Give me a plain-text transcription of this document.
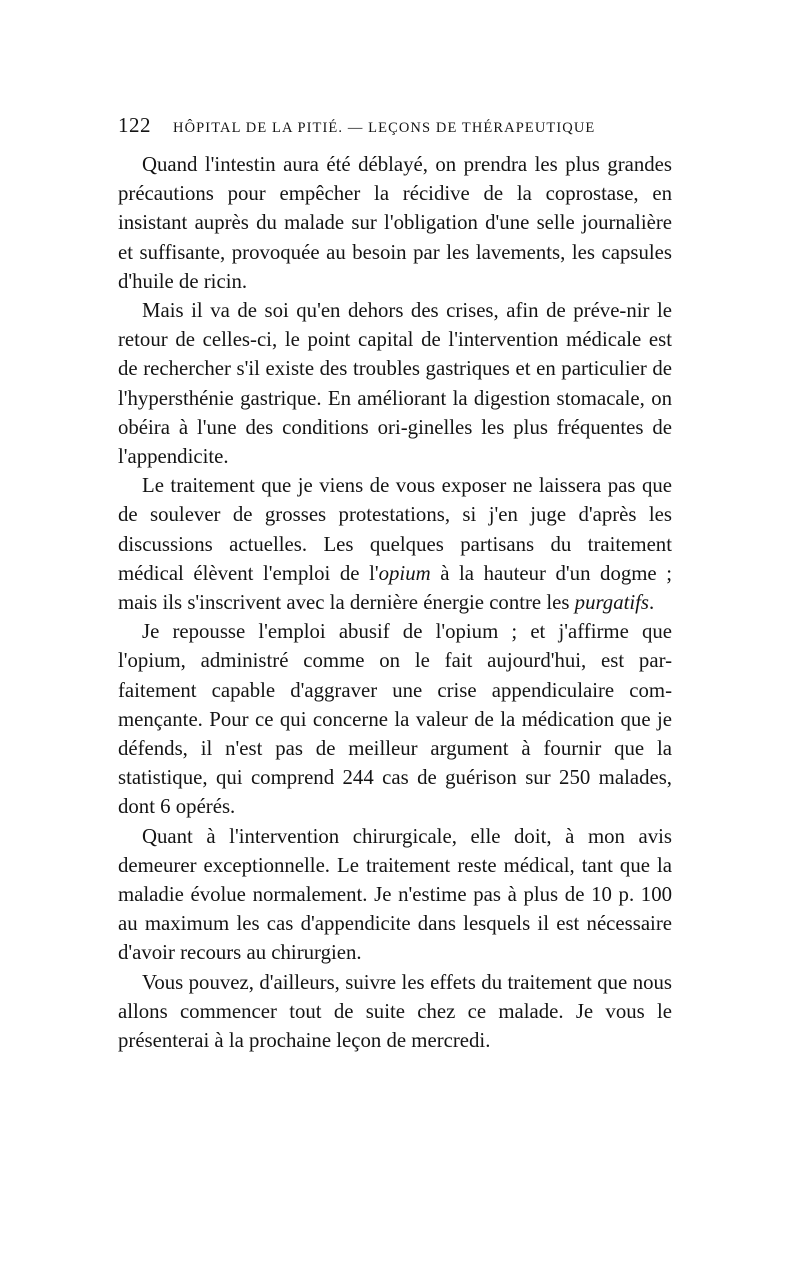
122 HÔPITAL DE LA PITIÉ. — LEÇONS DE THÉRAPEUTIQUE

Quand l'intestin aura été déblayé, on prendra les plus grandes précautions pour empêcher la récidive de la coprostase, en insistant auprès du malade sur l'obligation d'une selle journalière et suffisante, provoquée au besoin par les lavements, les capsules d'huile de ricin.

Mais il va de soi qu'en dehors des crises, afin de préve-nir le retour de celles-ci, le point capital de l'intervention médicale est de rechercher s'il existe des troubles gastriques et en particulier de l'hypersthénie gastrique. En améliorant la digestion stomacale, on obéira à l'une des conditions ori-ginelles les plus fréquentes de l'appendicite.

Le traitement que je viens de vous exposer ne laissera pas que de soulever de grosses protestations, si j'en juge d'après les discussions actuelles. Les quelques partisans du traitement médical élèvent l'emploi de l'opium à la hauteur d'un dogme ; mais ils s'inscrivent avec la dernière énergie contre les purgatifs.

Je repousse l'emploi abusif de l'opium ; et j'affirme que l'opium, administré comme on le fait aujourd'hui, est par-faitement capable d'aggraver une crise appendiculaire com-mençante. Pour ce qui concerne la valeur de la médication que je défends, il n'est pas de meilleur argument à fournir que la statistique, qui comprend 244 cas de guérison sur 250 malades, dont 6 opérés.

Quant à l'intervention chirurgicale, elle doit, à mon avis demeurer exceptionnelle. Le traitement reste médical, tant que la maladie évolue normalement. Je n'estime pas à plus de 10 p. 100 au maximum les cas d'appendicite dans lesquels il est nécessaire d'avoir recours au chirurgien.

Vous pouvez, d'ailleurs, suivre les effets du traitement que nous allons commencer tout de suite chez ce malade. Je vous le présenterai à la prochaine leçon de mercredi.
